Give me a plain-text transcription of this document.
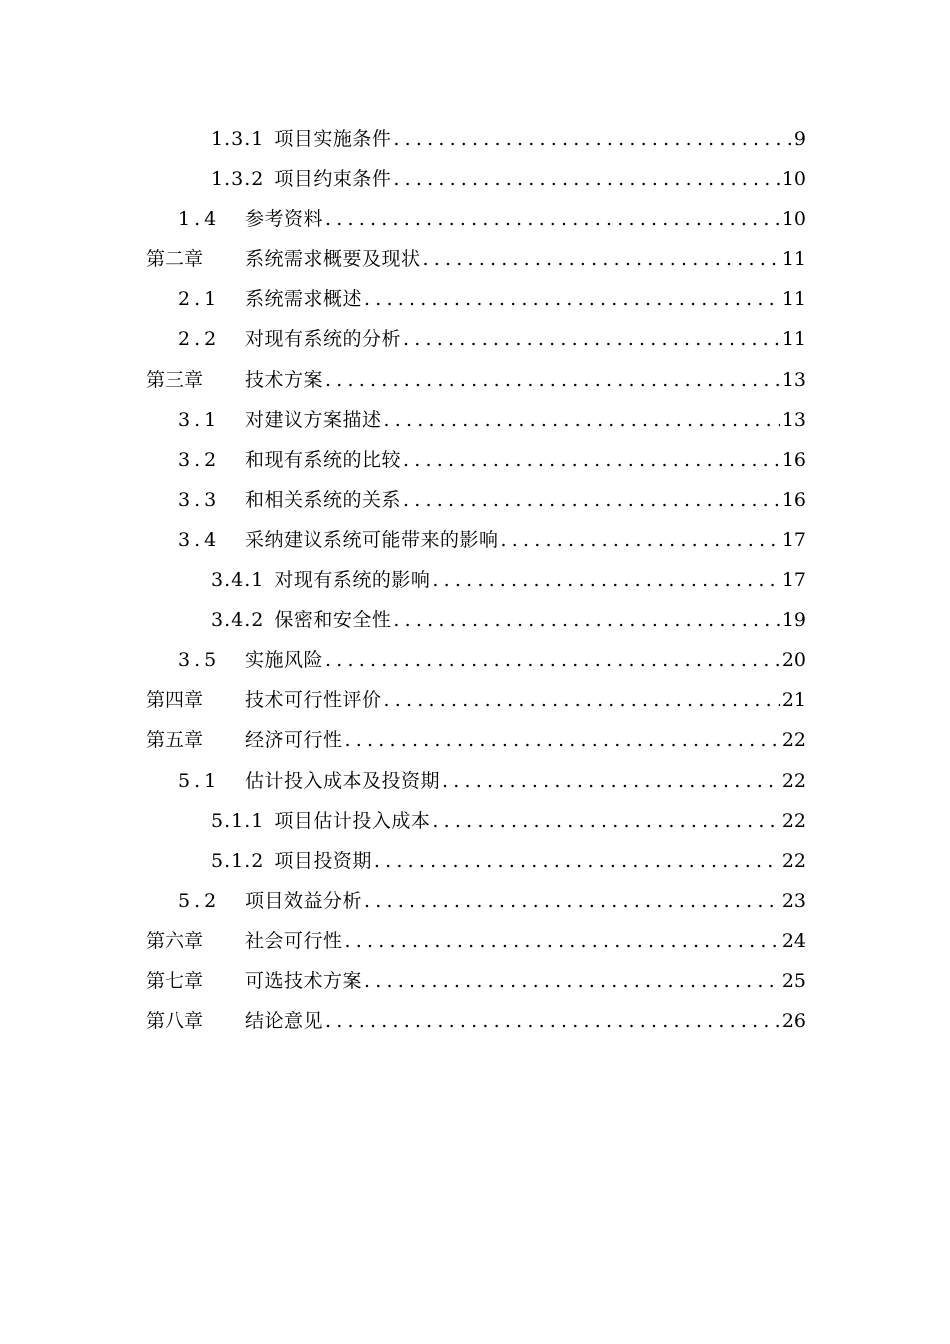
1.3.1 项目实施条件 .....	9
1.3.2 项目约束条件 .....	10
1.4	参考资料 .....	10
第二章	系统需求概要及现状 .....	11
2.1	系统需求概述 .....	11
2.2	对现有系统的分析 .....	11
第三章	技术方案 .....	13
3.1	对建议方案描述 .....	13
3.2	和现有系统的比较 .....	16
3.3	和相关系统的关系 .....	16
3.4	采纳建议系统可能带来的影响 .....	17
3.4.1 对现有系统的影响 .....	17
3.4.2 保密和安全性 .....	19
3.5	实施风险 .....	20
第四章	技术可行性评价 .....	21
第五章	经济可行性 .....	22
5.1	估计投入成本及投资期 .....	22
5.1.1 项目估计投入成本 .....	22
5.1.2 项目投资期 .....	22
5.2	项目效益分析 .....	23
第六章	社会可行性 .....	24
第七章	可选技术方案 .....	25
第八章	结论意见 .....	26
